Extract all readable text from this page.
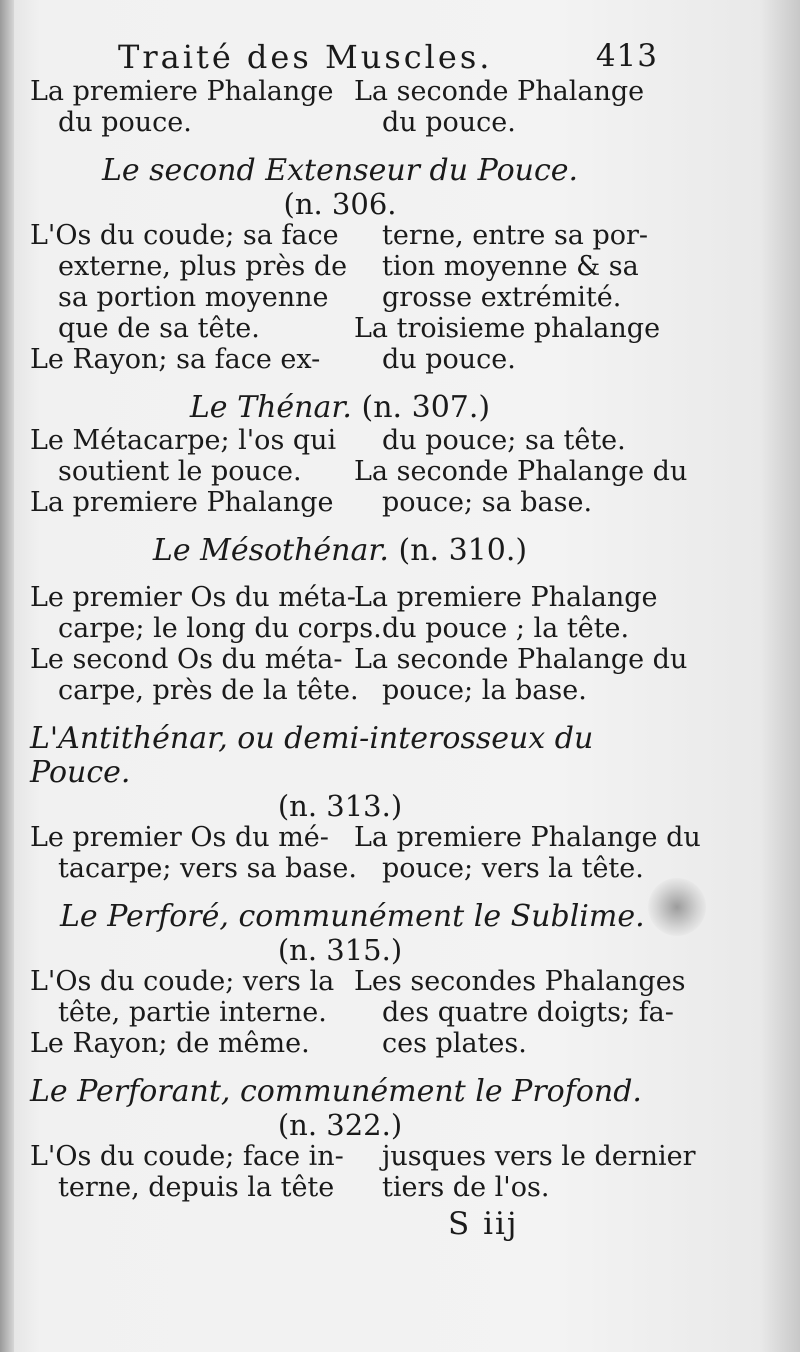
Traité des Muscles.	413
La premiere Phalange
du pouce.
La seconde Phalange
du pouce.
Le second Extenseur du Pouce.
(n. 306.
L'Os du coude; sa face
externe, plus près de
sa portion moyenne
que de sa tête.
Le Rayon; sa face ex-
terne, entre sa por-
tion moyenne & sa
grosse extrémité.
La troisieme phalange
du pouce.
Le Thénar. (n. 307.)
Le Métacarpe; l'os qui
soutient le pouce.
La premiere Phalange
du pouce; sa tête.
La seconde Phalange du
pouce; sa base.
Le Mésothénar. (n. 310.)
Le premier Os du méta-
carpe; le long du corps.
Le second Os du méta-
carpe, près de la tête.
La premiere Phalange
du pouce ; la tête.
La seconde Phalange du
pouce; la base.
L'Antithénar, ou demi-interosseux du Pouce.
(n. 313.)
Le premier Os du mé-
tacarpe; vers sa base.
La premiere Phalange du
pouce; vers la tête.
Le Perforé, communément le Sublime.
(n. 315.)
L'Os du coude; vers la
tête, partie interne.
Le Rayon; de même.
Les secondes Phalanges
des quatre doigts; fa-
ces plates.
Le Perforant, communément le Profond.
(n. 322.)
L'Os du coude; face in-
terne, depuis la tête
jusques vers le dernier
tiers de l'os.
S iij
